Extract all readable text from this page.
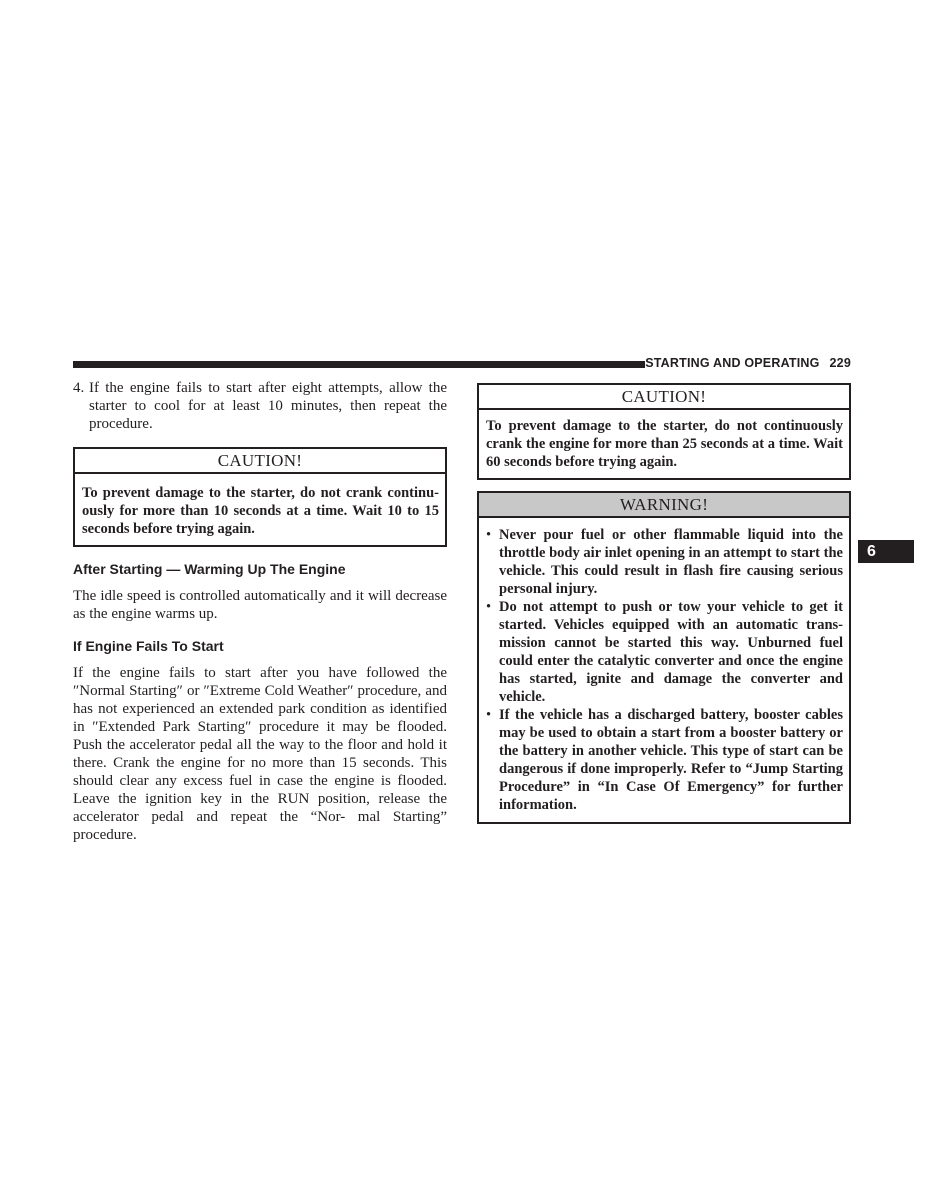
STARTING AND OPERATING 229
6
4. If the engine fails to start after eight attempts, allow the starter to cool for at least 10 minutes, then repeat the procedure.
CAUTION!
To prevent damage to the starter, do not crank continu- ously for more than 10 seconds at a time. Wait 10 to 15 seconds before trying again.
After Starting — Warming Up The Engine

The idle speed is controlled automatically and it will decrease as the engine warms up.

If Engine Fails To Start

If the engine fails to start after you have followed the ″Normal Starting″ or ″Extreme Cold Weather″ procedure, and has not experienced an extended park condition as identified in ″Extended Park Starting″ procedure it may be flooded. Push the accelerator pedal all the way to the floor and hold it there. Crank the engine for no more than 15 seconds. This should clear any excess fuel in case the engine is flooded. Leave the ignition key in the RUN position, release the accelerator pedal and repeat the “Nor- mal Starting” procedure.

CAUTION!
To prevent damage to the starter, do not continuously crank the engine for more than 25 seconds at a time. Wait 60 seconds before trying again.
WARNING!
• Never pour fuel or other flammable liquid into the throttle body air inlet opening in an attempt to start the vehicle. This could result in flash fire causing serious personal injury.
• Do not attempt to push or tow your vehicle to get it started. Vehicles equipped with an automatic trans- mission cannot be started this way. Unburned fuel could enter the catalytic converter and once the engine has started, ignite and damage the converter and vehicle.
• If the vehicle has a discharged battery, booster cables may be used to obtain a start from a booster battery or the battery in another vehicle. This type of start can be dangerous if done improperly. Refer to “Jump Starting Procedure” in “In Case Of Emergency” for further information.
